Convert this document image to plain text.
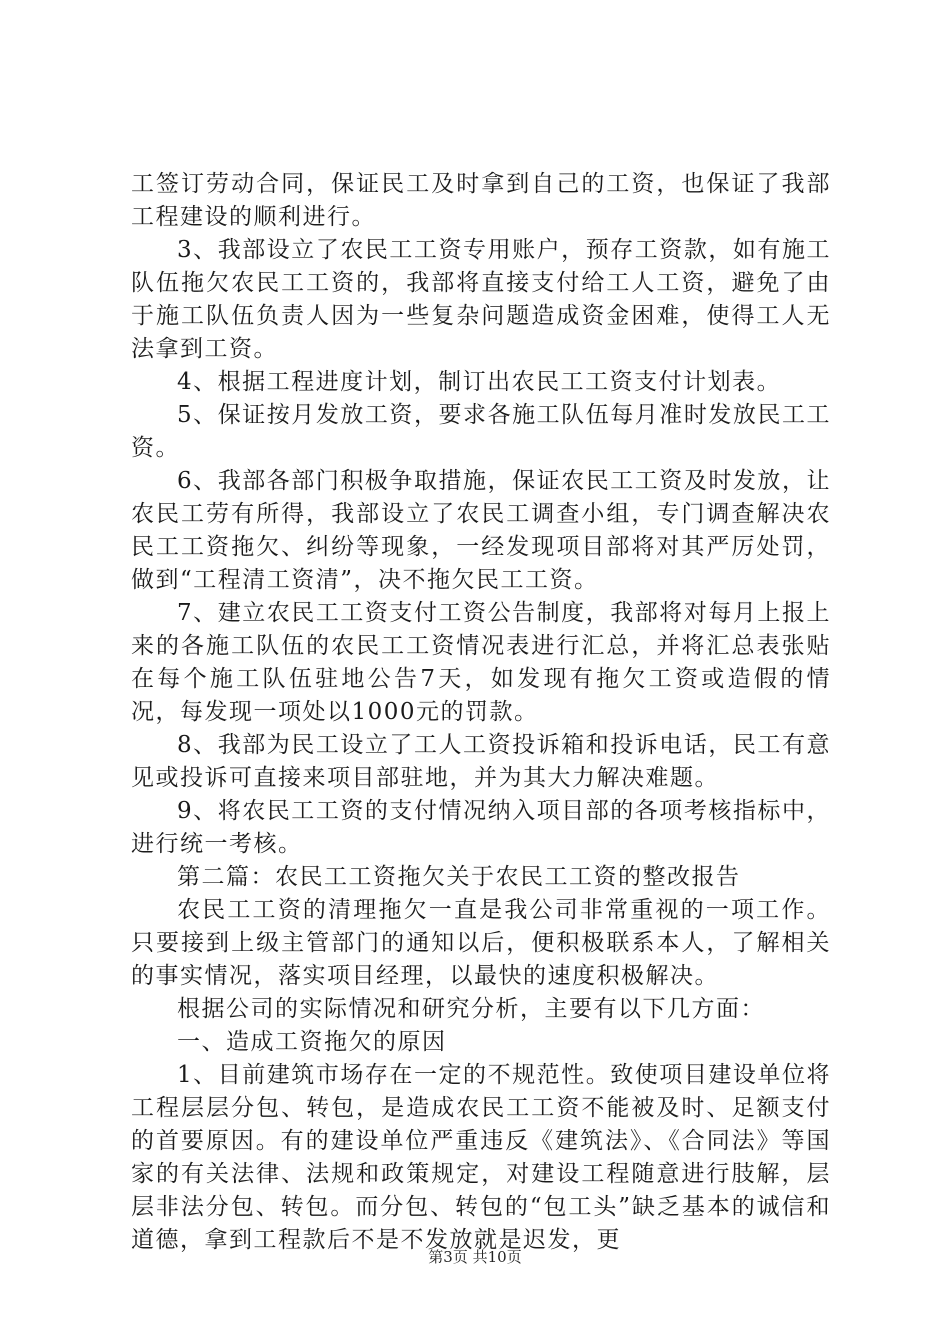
工签订劳动合同，保证民工及时拿到自己的工资，也保证了我部工程建设的顺利进行。

3、我部设立了农民工工资专用账户，预存工资款，如有施工队伍拖欠农民工工资的，我部将直接支付给工人工资，避免了由于施工队伍负责人因为一些复杂问题造成资金困难，使得工人无法拿到工资。

4、根据工程进度计划，制订出农民工工资支付计划表。

5、保证按月发放工资，要求各施工队伍每月准时发放民工工资。

6、我部各部门积极争取措施，保证农民工工资及时发放，让农民工劳有所得，我部设立了农民工调查小组，专门调查解决农民工工资拖欠、纠纷等现象，一经发现项目部将对其严厉处罚，做到“工程清工资清”，决不拖欠民工工资。

7、建立农民工工资支付工资公告制度，我部将对每月上报上来的各施工队伍的农民工工资情况表进行汇总，并将汇总表张贴在每个施工队伍驻地公告7天，如发现有拖欠工资或造假的情况，每发现一项处以1000元的罚款。

8、我部为民工设立了工人工资投诉箱和投诉电话，民工有意见或投诉可直接来项目部驻地，并为其大力解决难题。

9、将农民工工资的支付情况纳入项目部的各项考核指标中，进行统一考核。

第二篇：农民工工资拖欠关于农民工工资的整改报告

农民工工资的清理拖欠一直是我公司非常重视的一项工作。只要接到上级主管部门的通知以后，便积极联系本人，了解相关的事实情况，落实项目经理，以最快的速度积极解决。

根据公司的实际情况和研究分析，主要有以下几方面：

一、造成工资拖欠的原因

1、目前建筑市场存在一定的不规范性。致使项目建设单位将工程层层分包、转包，是造成农民工工资不能被及时、足额支付的首要原因。有的建设单位严重违反《建筑法》、《合同法》等国家的有关法律、法规和政策规定，对建设工程随意进行肢解，层层非法分包、转包。而分包、转包的“包工头”缺乏基本的诚信和道德，拿到工程款后不是不发放就是迟发，更

第3页 共10页
